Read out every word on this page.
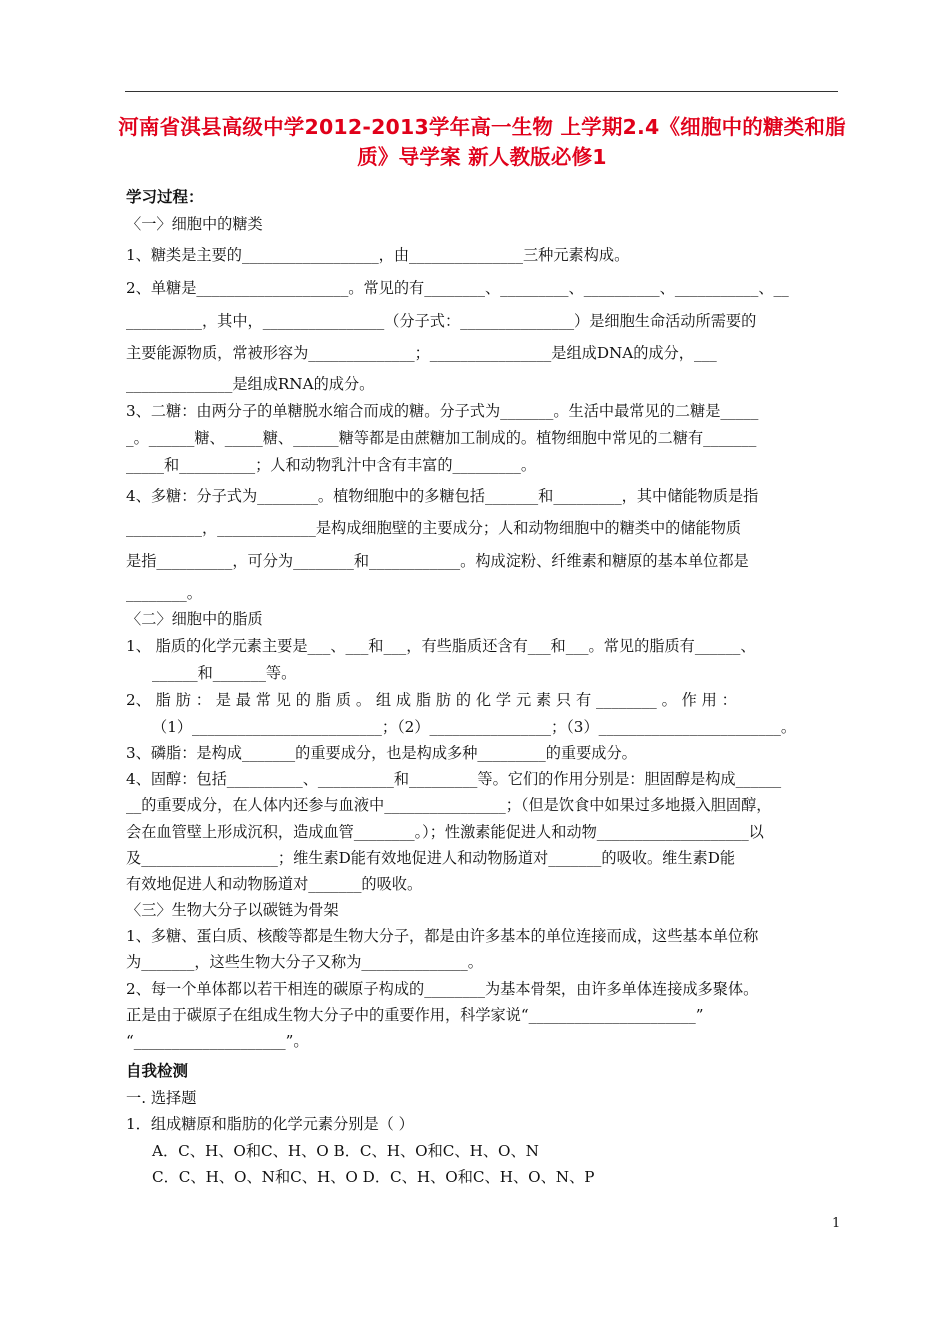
河南省淇县高级中学2012-2013学年高一生物 上学期2.4《细胞中的糖类和脂质》导学案 新人教版必修1
学习过程：
〈一〉细胞中的糖类
1、糖类是主要的__________________，由_______________三种元素构成。
2、单糖是____________________。常见的有________、_________、__________、___________、__
__________，其中，________________（分子式：_______________）是细胞生命活动所需要的
主要能源物质，常被形容为______________；________________是组成DNA的成分，___
______________是组成RNA的成分。
3、二糖：由两分子的单糖脱水缩合而成的糖。分子式为_______。生活中最常见的二糖是_____
_。______糖、_____糖、______糖等都是由蔗糖加工制成的。植物细胞中常见的二糖有_______
_____和__________；人和动物乳汁中含有丰富的_________。
4、多糖：分子式为________。植物细胞中的多糖包括_______和_________，其中储能物质是指
__________，_____________是构成细胞壁的主要成分；人和动物细胞中的糖类中的储能物质
是指__________，可分为________和____________。构成淀粉、纤维素和糖原的基本单位都是
________。
〈二〉细胞中的脂质
1、 脂质的化学元素主要是___、___和___，有些脂质还含有___和___。常见的脂质有______、
______和_______等。
2、 脂 肪 ： 是 最 常 见 的 脂 质 。 组 成 脂 肪 的 化 学 元 素 只 有 ________ 。 作 用 ：
（1）_________________________；（2）________________；（3）________________________。
3、磷脂：是构成_______的重要成分，也是构成多种_________的重要成分。
4、固醇：包括__________、__________和_________等。它们的作用分别是：胆固醇是构成______
__的重要成分，在人体内还参与血液中________________；（但是饮食中如果过多地摄入胆固醇，
会在血管壁上形成沉积，造成血管________。）；性激素能促进人和动物____________________以
及__________________；维生素D能有效地促进人和动物肠道对_______的吸收。维生素D能
有效地促进人和动物肠道对_______的吸收。
〈三〉生物大分子以碳链为骨架
1、多糖、蛋白质、核酸等都是生物大分子，都是由许多基本的单位连接而成，这些基本单位称
为_______，这些生物大分子又称为______________。
2、每一个单体都以若干相连的碳原子构成的________为基本骨架，由许多单体连接成多聚体。
正是由于碳原子在组成生物大分子中的重要作用，科学家说“______________________”
“____________________”。
自我检测
一. 选择题
1．组成糖原和脂肪的化学元素分别是（ ）
A．C、H、O和C、H、O B．C、H、O和C、H、O、N
C．C、H、O、N和C、H、O D．C、H、O和C、H、O、N、P
1
